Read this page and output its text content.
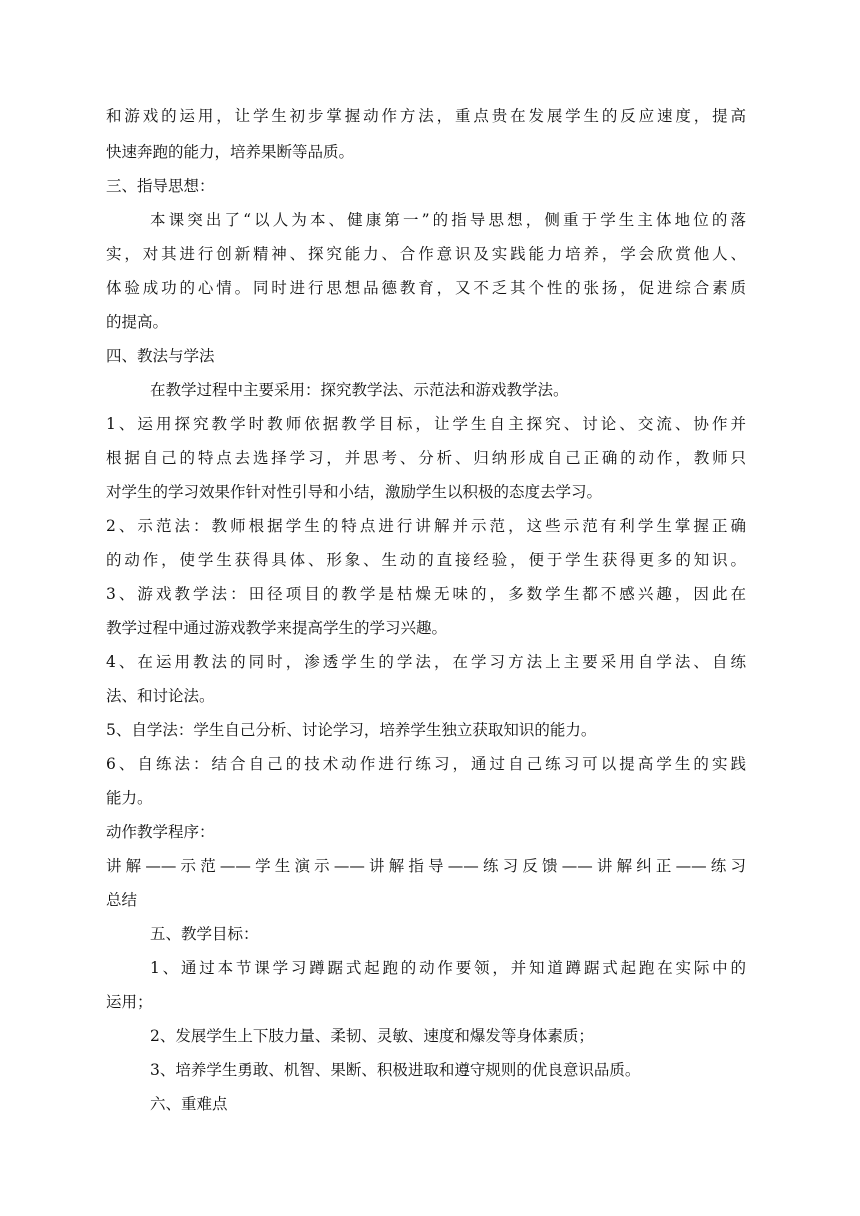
和游戏的运用，让学生初步掌握动作方法，重点贵在发展学生的反应速度，提高
快速奔跑的能力，培养果断等品质。
三、指导思想：
本课突出了“以人为本、健康第一”的指导思想，侧重于学生主体地位的落
实，对其进行创新精神、探究能力、合作意识及实践能力培养，学会欣赏他人、
体验成功的心情。同时进行思想品德教育，又不乏其个性的张扬，促进综合素质
的提高。
四、教法与学法
在教学过程中主要采用：探究教学法、示范法和游戏教学法。
1、运用探究教学时教师依据教学目标，让学生自主探究、讨论、交流、协作并
根据自己的特点去选择学习，并思考、分析、归纳形成自己正确的动作，教师只
对学生的学习效果作针对性引导和小结，激励学生以积极的态度去学习。
2、示范法：教师根据学生的特点进行讲解并示范，这些示范有利学生掌握正确
的动作，使学生获得具体、形象、生动的直接经验，便于学生获得更多的知识。
3、游戏教学法：田径项目的教学是枯燥无味的，多数学生都不感兴趣，因此在
教学过程中通过游戏教学来提高学生的学习兴趣。
4、在运用教法的同时，渗透学生的学法，在学习方法上主要采用自学法、自练
法、和讨论法。
5、自学法：学生自己分析、讨论学习，培养学生独立获取知识的能力。
6、自练法：结合自己的技术动作进行练习，通过自己练习可以提高学生的实践
能力。
动作教学程序：
讲解——示范——学生演示——讲解指导——练习反馈——讲解纠正——练习
总结
五、教学目标：
1、通过本节课学习蹲踞式起跑的动作要领，并知道蹲踞式起跑在实际中的
运用；
2、发展学生上下肢力量、柔韧、灵敏、速度和爆发等身体素质；
3、培养学生勇敢、机智、果断、积极进取和遵守规则的优良意识品质。
六、重难点
